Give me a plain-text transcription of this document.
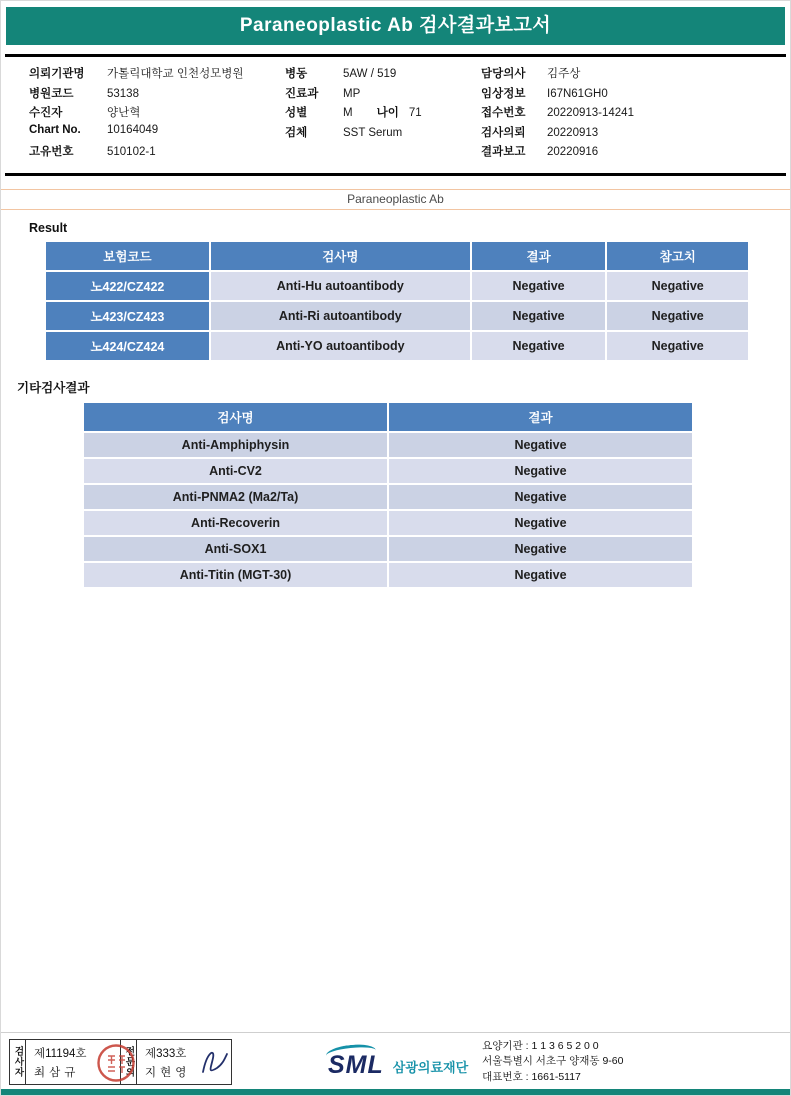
Paraneoplastic Ab 검사결과보고서
의뢰기관명	가톨릭대학교 인천성모병원
병원코드	53138
수진자	양난혁
Chart No.	10164049
고유번호	510102-1
병동	5AW / 519
진료과	MP
성별	M 나이 71
검체	SST Serum
담당의사	김주상
임상정보	I67N61GH0
접수번호	20220913-14241
검사의뢰	20220913
결과보고	20220916
Paraneoplastic Ab
Result
보험코드	검사명	결과	참고치
노422/CZ422	Anti-Hu autoantibody	Negative	Negative
노423/CZ423	Anti-Ri autoantibody	Negative	Negative
노424/CZ424	Anti-YO autoantibody	Negative	Negative
기타검사결과
검사명	결과
Anti-Amphiphysin	Negative
Anti-CV2	Negative
Anti-PNMA2 (Ma2/Ta)	Negative
Anti-Recoverin	Negative
Anti-SOX1	Negative
Anti-Titin (MGT-30)	Negative
검사자 제11194호
최삼규	전문의 제333호
지현영	SML 삼광의료재단
요양기관 : 1 1 3 6 5 2 0 0
서울특별시 서초구 양재동 9-60
대표번호 : 1661-5117
